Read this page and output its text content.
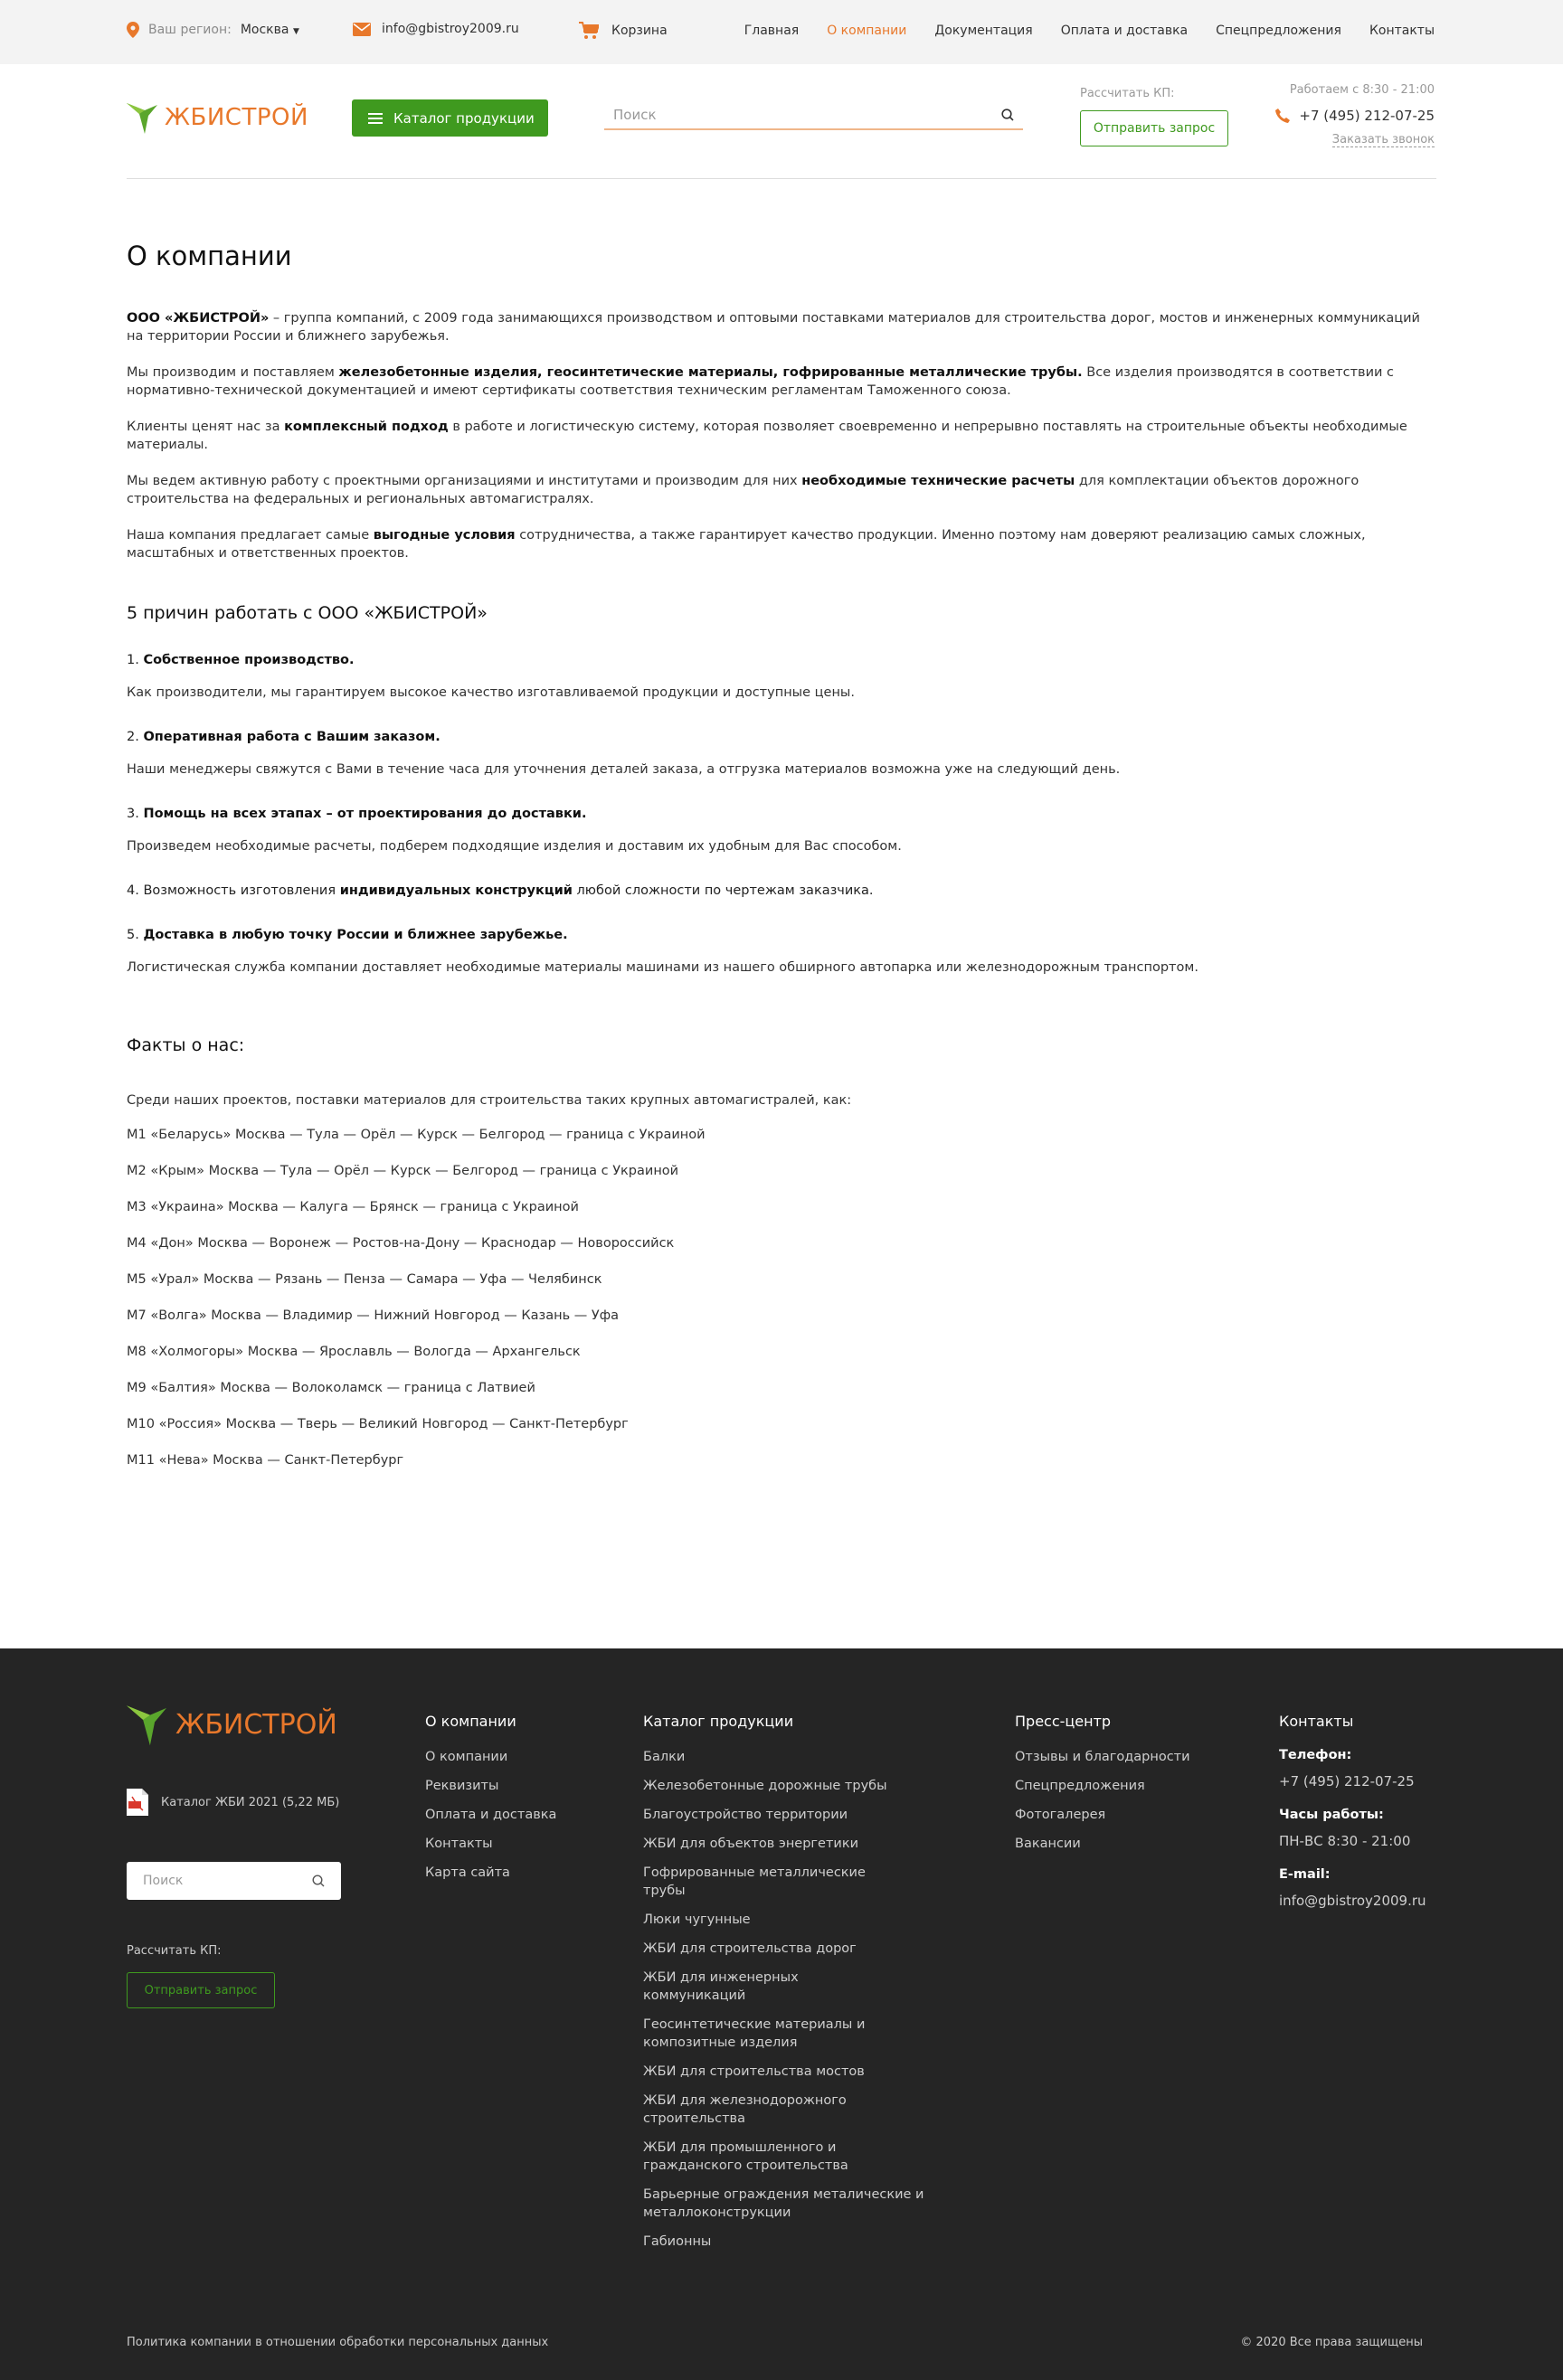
Ваш регион: Москва ▼	info@gbistroy2009.ru	Корзина	Главная О компании Документация Оплата и доставка Спецпредложения Контакты
ЖБИСТРОЙ	Каталог продукции	Поиск
Рассчитать КП:
Отправить запрос
Работаем с 8:30 - 21:00
+7 (495) 212-07-25
Заказать звонок
О компании

ООО «ЖБИСТРОЙ» – группа компаний, с 2009 года занимающихся производством и оптовыми поставками материалов для строительства дорог, мостов и инженерных коммуникаций на территории России и ближнего зарубежья.

Мы производим и поставляем железобетонные изделия, геосинтетические материалы, гофрированные металлические трубы. Все изделия производятся в соответствии с нормативно-технической документацией и имеют сертификаты соответствия техническим регламентам Таможенного союза.

Клиенты ценят нас за комплексный подход в работе и логистическую систему, которая позволяет своевременно и непрерывно поставлять на строительные объекты необходимые материалы.

Мы ведем активную работу с проектными организациями и институтами и производим для них необходимые технические расчеты для комплектации объектов дорожного строительства на федеральных и региональных автомагистралях.

Наша компания предлагает самые выгодные условия сотрудничества, а также гарантирует качество продукции. Именно поэтому нам доверяют реализацию самых сложных, масштабных и ответственных проектов.

5 причин работать с ООО «ЖБИСТРОЙ»
1. Собственное производство.
Как производители, мы гарантируем высокое качество изготавливаемой продукции и доступные цены.
2. Оперативная работа с Вашим заказом.
Наши менеджеры свяжутся с Вами в течение часа для уточнения деталей заказа, а отгрузка материалов возможна уже на следующий день.
3. Помощь на всех этапах – от проектирования до доставки.
Произведем необходимые расчеты, подберем подходящие изделия и доставим их удобным для Вас способом.
4. Возможность изготовления индивидуальных конструкций любой сложности по чертежам заказчика.
5. Доставка в любую точку России и ближнее зарубежье.
Логистическая служба компании доставляет необходимые материалы машинами из нашего обширного автопарка или железнодорожным транспортом.
Факты о нас:

Среди наших проектов, поставки материалов для строительства таких крупных автомагистралей, как:

М1 «Беларусь» Москва — Тула — Орёл — Курск — Белгород — граница с Украиной
М2 «Крым» Москва — Тула — Орёл — Курск — Белгород — граница с Украиной
М3 «Украина» Москва — Калуга — Брянск — граница с Украиной
М4 «Дон» Москва — Воронеж — Ростов-на-Дону — Краснодар — Новороссийск
М5 «Урал» Москва — Рязань — Пенза — Самара — Уфа — Челябинск
М7 «Волга» Москва — Владимир — Нижний Новгород — Казань — Уфа
М8 «Холмогоры» Москва — Ярославль — Вологда — Архангельск
М9 «Балтия» Москва — Волоколамск — граница с Латвией
М10 «Россия» Москва — Тверь — Великий Новгород — Санкт-Петербург
М11 «Нева» Москва — Санкт-Петербург
ЖБИСТРОЙ
Каталог ЖБИ 2021 (5,22 МБ)
Поиск
Рассчитать КП:
Отправить запрос
О компании
О компании
Реквизиты
Оплата и доставка
Контакты
Карта сайта
Каталог продукции
Балки
Железобетонные дорожные трубы
Благоустройство территории
ЖБИ для объектов энергетики
Гофрированные металлические трубы
Люки чугунные
ЖБИ для строительства дорог
ЖБИ для инженерных коммуникаций
Геосинтетические материалы и композитные изделия
ЖБИ для строительства мостов
ЖБИ для железнодорожного строительства
ЖБИ для промышленного и гражданского строительства
Барьерные ограждения металические и металлоконструкции
Габионны
Пресс-центр
Отзывы и благодарности
Спецпредложения
Фотогалерея
Вакансии
Контакты
Телефон:
+7 (495) 212-07-25
Часы работы:
ПН-ВС 8:30 - 21:00
E-mail:
info@gbistroy2009.ru
Политика компании в отношении обработки персональных данных	© 2020 Все права защищены
